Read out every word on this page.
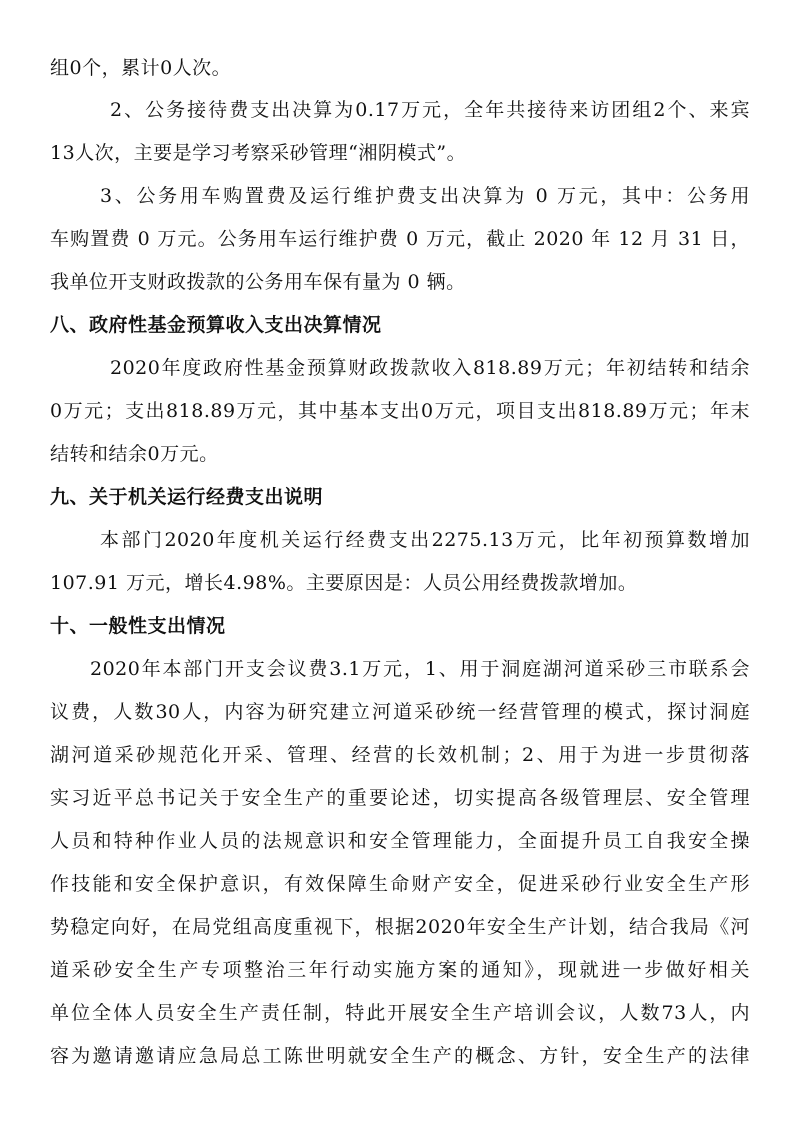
组0个，累计0人次。
2、公务接待费支出决算为0.17万元，全年共接待来访团组2个、来宾
13人次，主要是学习考察采砂管理“湘阴模式”。
3、公务用车购置费及运行维护费支出决算为 0 万元，其中：公务用
车购置费 0 万元。公务用车运行维护费 0 万元，截止 2020 年 12 月 31 日，
我单位开支财政拨款的公务用车保有量为 0 辆。
八、政府性基金预算收入支出决算情况
2020年度政府性基金预算财政拨款收入818.89万元；年初结转和结余
0万元；支出818.89万元，其中基本支出0万元，项目支出818.89万元；年末
结转和结余0万元。
九、关于机关运行经费支出说明
本部门2020年度机关运行经费支出2275.13万元，比年初预算数增加
107.91 万元，增长4.98%。主要原因是：人员公用经费拨款增加。
十、一般性支出情况
2020年本部门开支会议费3.1万元，1、用于洞庭湖河道采砂三市联系会
议费，人数30人，内容为研究建立河道采砂统一经营管理的模式，探讨洞庭
湖河道采砂规范化开采、管理、经营的长效机制；2、用于为进一步贯彻落
实习近平总书记关于安全生产的重要论述，切实提高各级管理层、安全管理
人员和特种作业人员的法规意识和安全管理能力，全面提升员工自我安全操
作技能和安全保护意识，有效保障生命财产安全，促进采砂行业安全生产形
势稳定向好，在局党组高度重视下，根据2020年安全生产计划，结合我局《河
道采砂安全生产专项整治三年行动实施方案的通知》，现就进一步做好相关
单位全体人员安全生产责任制，特此开展安全生产培训会议，人数73人，内
容为邀请邀请应急局总工陈世明就安全生产的概念、方针，安全生产的法律
